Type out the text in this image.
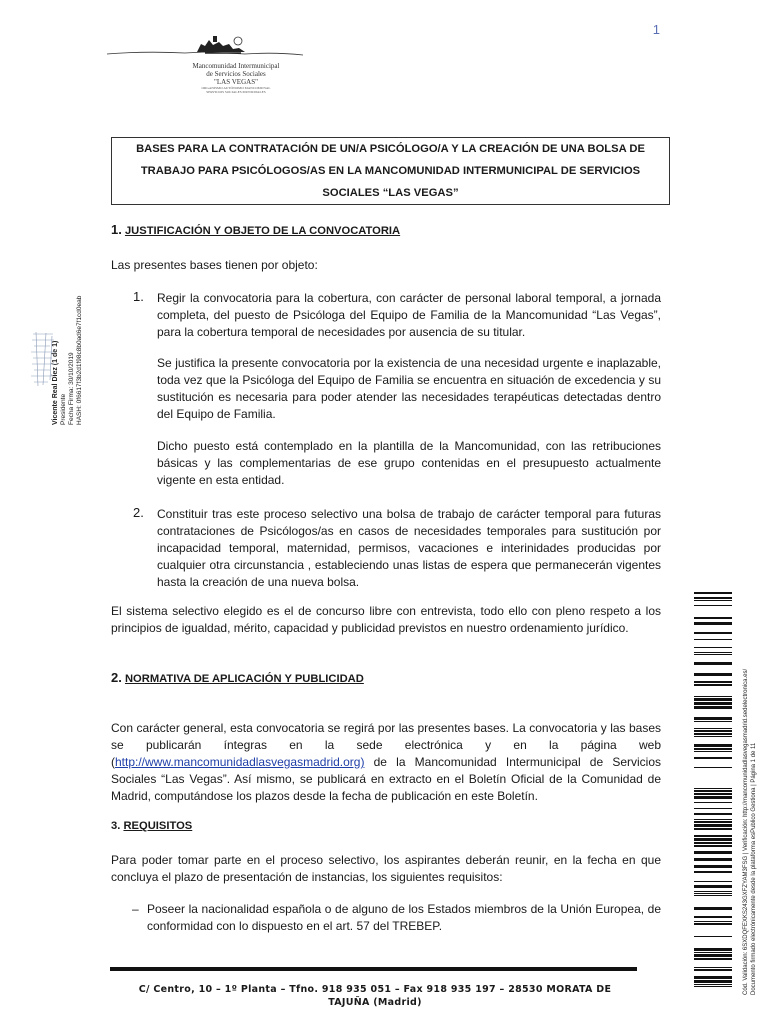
1
Mancomunidad Intermunicipal
de Servicios Sociales
"LAS VEGAS"
ORGANISMO AUTÓNOMO MANCOMUNAL
SERVICIOS SOCIALES MUNICIPALES
Vicente Real Díez (1 de 1) Presidente Fecha Firma: 30/10/2019 HASH: 0f6617f3b2d1f98c8b0ad6e7f1cd0eab
BASES PARA LA CONTRATACIÓN DE UN/A PSICÓLOGO/A Y LA CREACIÓN DE UNA BOLSA DE
TRABAJO PARA PSICÓLOGOS/AS EN LA MANCOMUNIDAD INTERMUNICIPAL DE SERVICIOS
SOCIALES “LAS VEGAS”
1. JUSTIFICACIÓN Y OBJETO DE LA CONVOCATORIA
Las presentes bases tienen por objeto:
1. Regir la convocatoria para la cobertura, con carácter de personal laboral temporal, a jornada completa, del puesto de Psicóloga del Equipo de Familia de la Mancomunidad “Las Vegas”, para la cobertura temporal de necesidades por ausencia de su titular.
Se justifica la presente convocatoria por la existencia de una necesidad urgente e inaplazable, toda vez que la Psicóloga del Equipo de Familia se encuentra en situación de excedencia y su sustitución es necesaria para poder atender las necesidades terapéuticas detectadas dentro del Equipo de Familia.
Dicho puesto está contemplado en la plantilla de la Mancomunidad, con las retribuciones básicas y las complementarias de ese grupo contenidas en el presupuesto actualmente vigente en esta entidad.
2. Constituir tras este proceso selectivo una bolsa de trabajo de carácter temporal para futuras contrataciones de Psicólogos/as en casos de necesidades temporales para sustitución por incapacidad temporal, maternidad, permisos, vacaciones e interinidades producidas por cualquier otra circunstancia , estableciendo unas listas de espera que permanecerán vigentes hasta la creación de una nueva bolsa.
El sistema selectivo elegido es el de concurso libre con entrevista, todo ello con pleno respeto a los principios de igualdad, mérito, capacidad y publicidad previstos en nuestro ordenamiento jurídico.
2. NORMATIVA DE APLICACIÓN Y PUBLICIDAD
Con carácter general, esta convocatoria se regirá por las presentes bases. La convocatoria y las bases se publicarán íntegras en la sede electrónica y en la página web (http://www.mancomunidadlasvegasmadrid.org) de la Mancomunidad Intermunicipal de Servicios Sociales “Las Vegas”. Así mismo, se publicará en extracto en el Boletín Oficial de la Comunidad de Madrid, computándose los plazos desde la fecha de publicación en este Boletín.
3. REQUISITOS
Para poder tomar parte en el proceso selectivo, los aspirantes deberán reunir, en la fecha en que concluya el plazo de presentación de instancias, los siguientes requisitos:
– Poseer la nacionalidad española o de alguno de los Estados miembros de la Unión Europea, de conformidad con lo dispuesto en el art. 57 del TREBEP.	Cód. Validación: 6SXDQFEXKS243GXFZYAM3FSG | Verificación: http://mancomunidadlasvegasmadrid.sedelectronica.es/ Documento firmado electrónicamente desde la plataforma esPublico Gestiona | Página 1 de 11
C/ Centro, 10 – 1º Planta – Tfno. 918 935 051 – Fax 918 935 197 – 28530 MORATA DE
TAJUÑA (Madrid)
